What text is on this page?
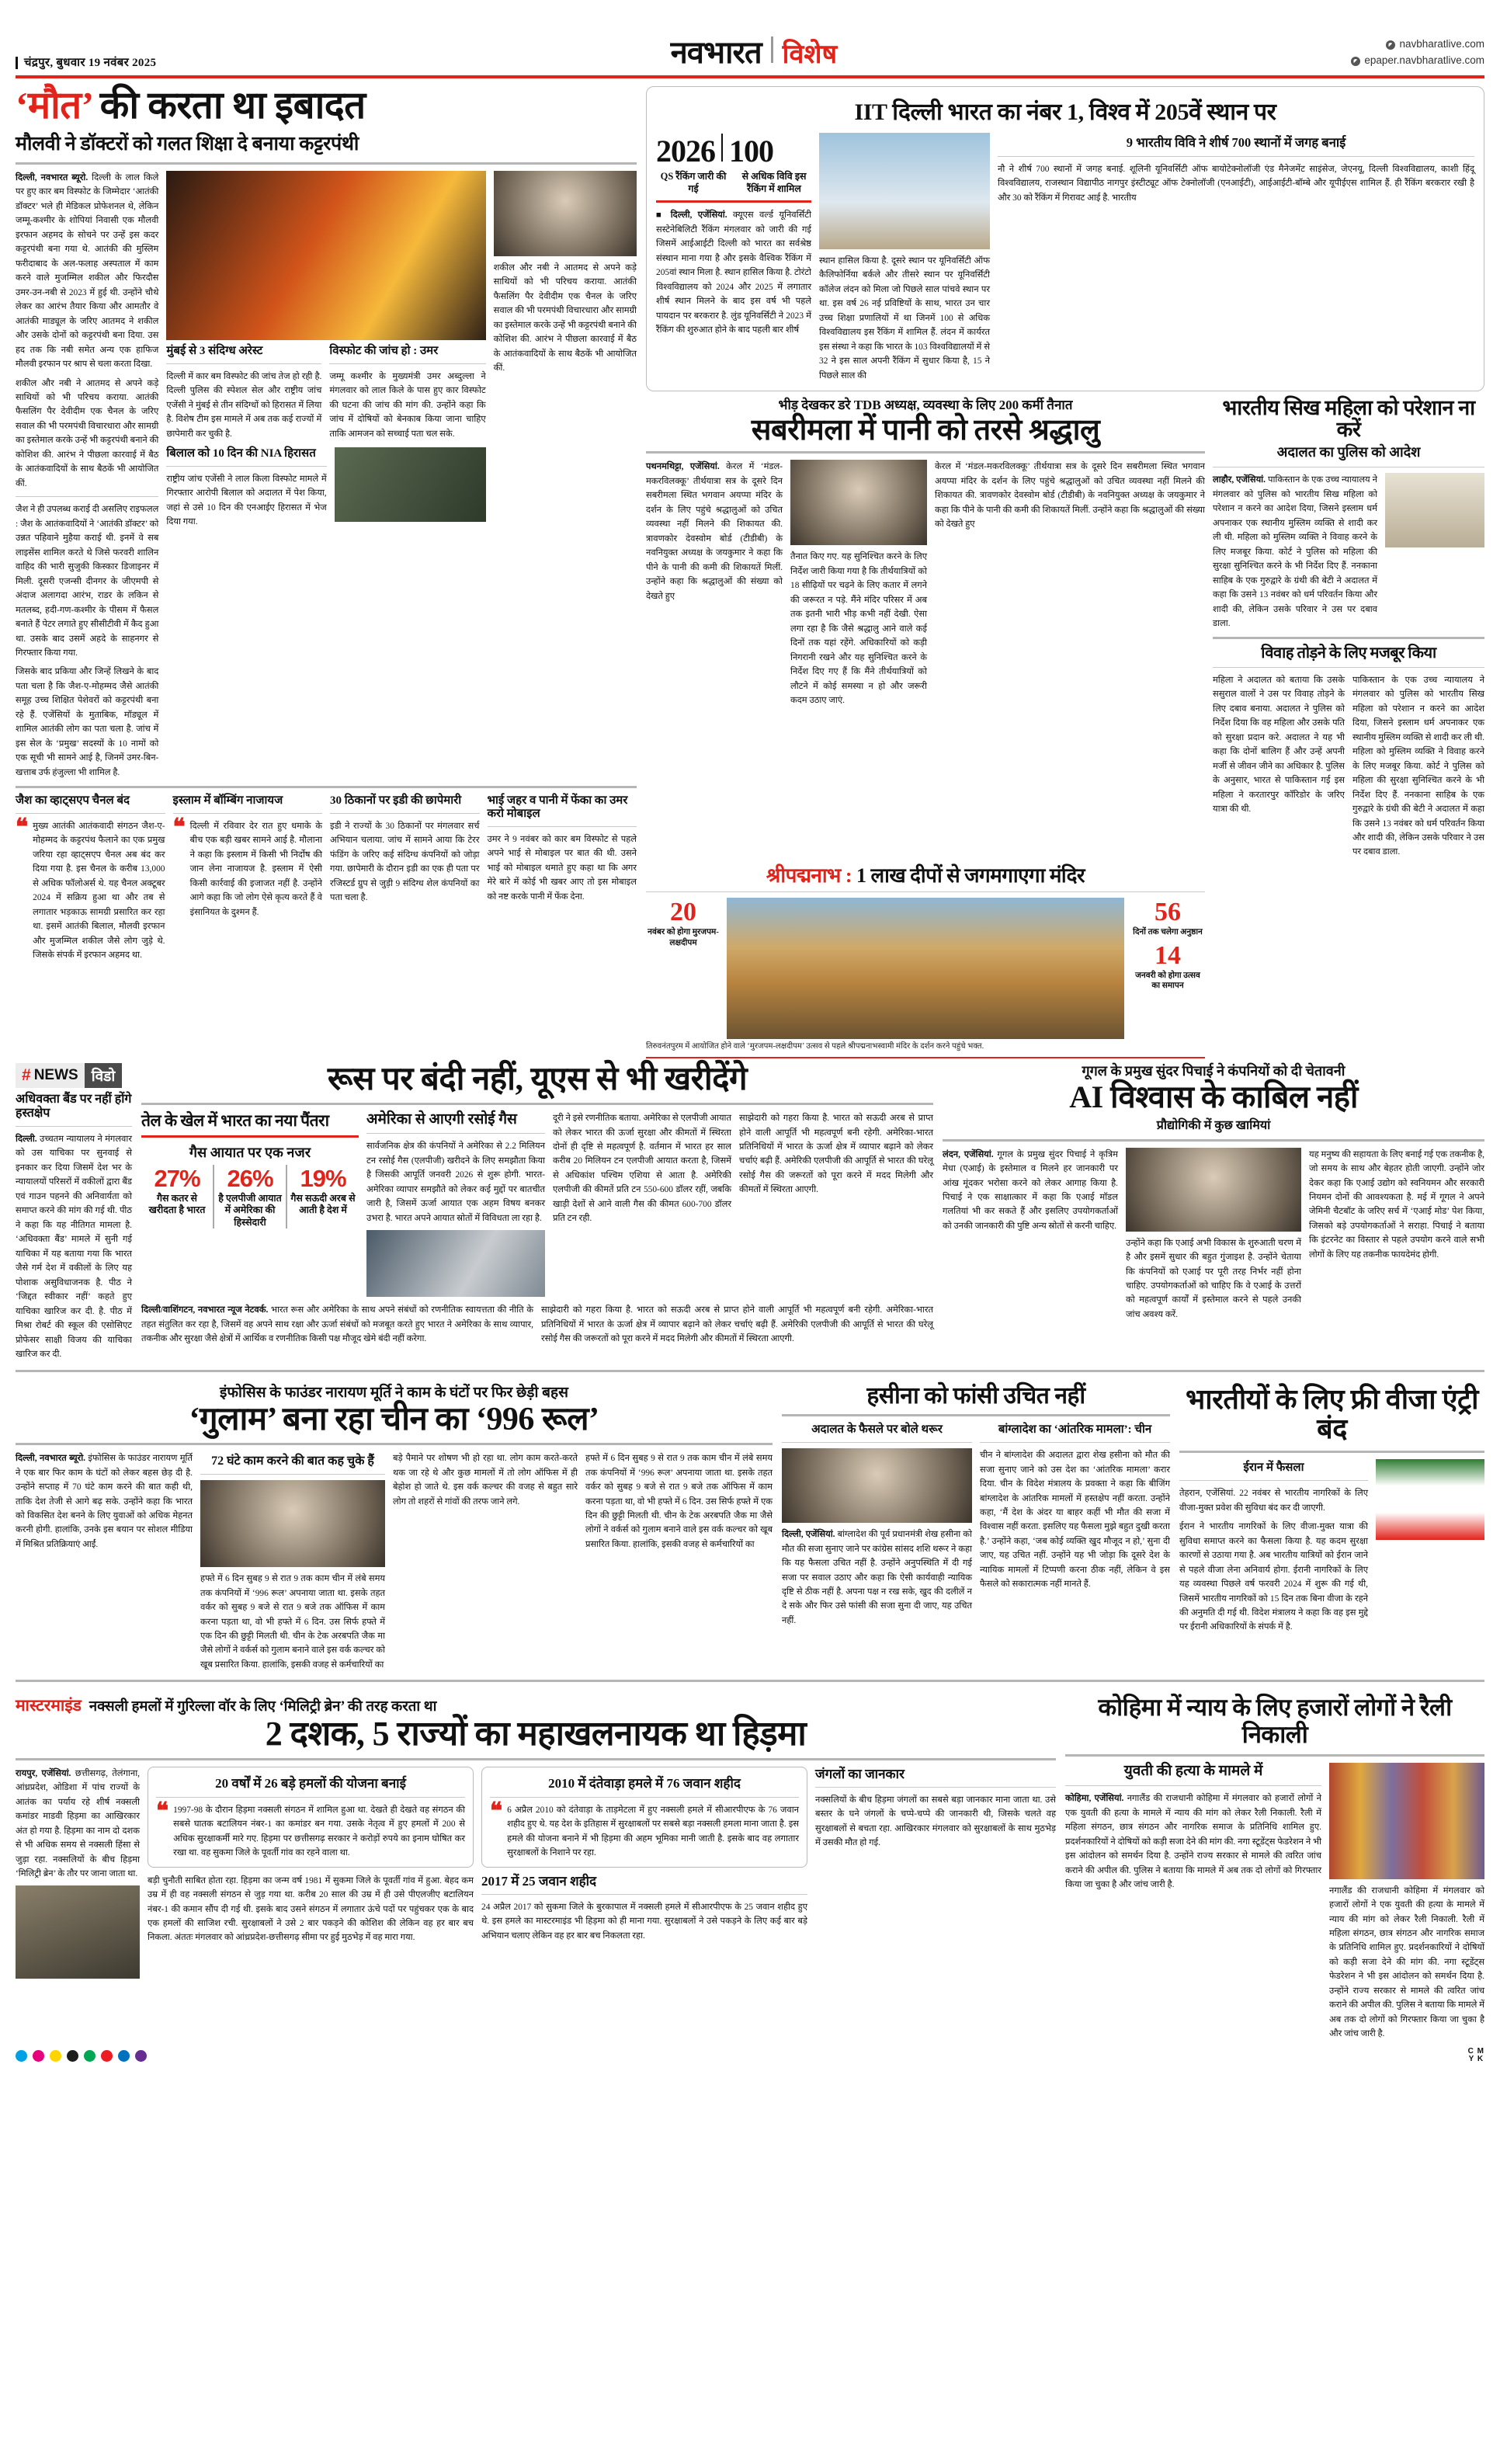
चंद्रपुर, बुधवार 19 नवंबर 2025	नवभारत विशेष	navbharatlive.com
epaper.navbharatlive.com
‘मौत’ की करता था इबादत
मौलवी ने डॉक्टरों को गलत शिक्षा दे बनाया कट्टरपंथी
दिल्ली, नवभारत ब्यूरो. दिल्ली के लाल किले पर हुए कार बम विस्फोट के जिम्मेदार ‘आतंकी डॉक्टर’ भले ही मेडिकल प्रोफेशनल थे, लेकिन जम्मू-कश्मीर के शोपियां निवासी एक मौलवी इरफान अहमद के सोचने पर उन्हें इस कदर कट्टरपंथी बना गया थे. आतंकी की मुस्लिम फरीदाबाद के अल-फलाह अस्पताल में काम करने वाले मुजम्मिल शकील और फिरदौस उमर-उन-नबी से 2023 में हुई थी. उन्होंने चौथे लेकर का आरंभ तैयार किया और आमतौर वे आतंकी माड्यूल के जरिए आतमद ने शकील और उसके दोनों को कट्टरपंथी बना दिया. उस हद तक कि नबी समेत अन्य एक हाफिज मौलवी इरफान पर श्राप से चला करता दिखा.
शकील और नबी ने आतमद से अपने कड़े साथियों को भी परिचय कराया. आतंकी फैसलिंग पैर देवीदीम एक चैनल के जरिए सवाल की भी परमपंथी विचारधारा और सामग्री का इस्तेमाल करके उन्हें भी कट्टरपंथी बनाने की कोशिश की. आरंभ ने पीछला कारवाई में बैठ के आतंकवादियों के साथ बैठकें भी आयोजित कीं.
जैश ने ही उपलब्ध कराई दी असलिए राइफलल : जैश के आतंकवादियों ने ‘आतंकी डॉक्टर’ को उन्नत पहिवाने मुहैया कराई थी. इनमें वे सब लाइसेंस शामिल करते थे जिसे फरवरी शालिन वाहिद की भारी सुजुकी किस्कार डिजाइनर में मिली. दूसरी एजन्सी दीनगर के जीएमपी से अंदाज अलागदा आरंभ, राडर के लकिन से मतलब्द, हदी-गण-कश्मीर के पीसम में फैसल बनाते हैं पेटर लगाते हुए सीसीटीवी में कैद हुआ था. उसके बाद उसमें अहदे के साहनगर से गिरफ्तार किया गया.
जिसके बाद प्रकिया और जिन्हें लिखने के बाद पता चला है कि जैश-ए-मोहम्मद जैसे आतंकी समूह उच्च शिक्षित पेशेवरों को कट्टरपंथी बना रहे हैं. एजेंसियों के मुताबिक, मॉड्यूल में शामिल आतंकी लोग का पता चला है. जांच में इस सेल के ‘प्रमुख’ सदस्यों के 10 नामों को एक सूची भी सामने आई है, जिनमें उमर-बिन-खत्ताब उर्फ हंजुल्ला भी शामिल है.
मुंबई से 3 संदिग्ध अरेस्ट
दिल्ली में कार बम विस्फोट की जांच तेज हो रही है. दिल्ली पुलिस की स्पेशल सेल और राष्ट्रीय जांच एजेंसी ने मुंबई से तीन संदिग्धों को हिरासत में लिया है. विशेष टीम इस मामले में अब तक कई राज्यों में छापेमारी कर चुकी है.
विस्फोट की जांच हो : उमर
जम्मू कश्मीर के मुख्यमंत्री उमर अब्दुल्ला ने मंगलवार को लाल किले के पास हुए कार विस्फोट की घटना की जांच की मांग की. उन्होंने कहा कि जांच में दोषियों को बेनकाब किया जाना चाहिए ताकि आमजन को सच्चाई पता चल सके.
बिलाल को 10 दिन की NIA हिरासत
राष्ट्रीय जांच एजेंसी ने लाल किला विस्फोट मामले में गिरफ्तार आरोपी बिलाल को अदालत में पेश किया, जहां से उसे 10 दिन की एनआईए हिरासत में भेज दिया गया.
शकील और नबी ने आतमद से अपने कड़े साथियों को भी परिचय कराया. आतंकी फैसलिंग पैर देवीदीम एक चैनल के जरिए सवाल की भी परमपंथी विचारधारा और सामग्री का इस्तेमाल करके उन्हें भी कट्टरपंथी बनाने की कोशिश की. आरंभ ने पीछला कारवाई में बैठ के आतंकवादियों के साथ बैठकें भी आयोजित कीं.
जैश का व्हाट्सएप चैनल बंद
❝ मुख्य आतंकी आतंकवादी संगठन जैश-ए-मोहम्मद के कट्टरपंथ फैलाने का एक प्रमुख जरिया रहा व्हाट्सएप चैनल अब बंद कर दिया गया है. इस चैनल के करीब 13,000 से अधिक फॉलोअर्स थे. यह चैनल अक्टूबर 2024 में सक्रिय हुआ था और तब से लगातार भड़काऊ सामग्री प्रसारित कर रहा था. इसमें आतंकी बिलाल, मौलवी इरफान और मुजम्मिल शकील जैसे लोग जुड़े थे. जिसके संपर्क में इरफान अहमद था.
इस्लाम में बॉम्बिंग नाजायज
❝ दिल्ली में रविवार देर रात हुए धमाके के बीच एक बड़ी खबर सामने आई है. मौलाना ने कहा कि इस्लाम में किसी भी निर्दोष की जान लेना नाजायज है. इस्लाम में ऐसी किसी कार्रवाई की इजाजत नहीं है. उन्होंने आगे कहा कि जो लोग ऐसे कृत्य करते हैं वे इंसानियत के दुश्मन हैं.
30 ठिकानों पर इडी की छापेमारी
इडी ने राज्यों के 30 ठिकानों पर मंगलवार सर्च अभियान चलाया. जांच में सामने आया कि टेरर फंडिंग के जरिए कई संदिग्ध कंपनियों को जोड़ा गया. छापेमारी के दौरान इडी का एक ही पता पर रजिस्टर्ड ग्रुप से जुड़ी 9 संदिग्ध शेल कंपनियों का पता चला है.
भाई जहर व पानी में फेंका का उमर करो मोबाइल
उमर ने 9 नवंबर को कार बम विस्फोट से पहले अपने भाई से मोबाइल पर बात की थी. उसने भाई को मोबाइल थमाते हुए कहा था कि अगर मेरे बारे में कोई भी खबर आए तो इस मोबाइल को नष्ट करके पानी में फेंक देना.
IIT दिल्ली भारत का नंबर 1, विश्व में 205वें स्थान पर
2026 100
QS रैंकिंग जारी की गई
से अधिक विवि इस रैंकिंग में शामिल
■ दिल्ली, एजेंसियां. क्यूएस वर्ल्ड यूनिवर्सिटी सस्टेनेबिलिटी रैंकिंग मंगलवार को जारी की गई जिसमें आईआईटी दिल्ली को भारत का सर्वश्रेष्ठ संस्थान माना गया है और इसके वैश्विक रैंकिंग में 205वां स्थान मिला है. स्थान हासिल किया है. टोरंटो विश्वविद्यालय को 2024 और 2025 में लगातार शीर्ष स्थान मिलने के बाद इस वर्ष भी पहले पायदान पर बरकरार है. लुंड यूनिवर्सिटी ने 2023 में रैंकिंग की शुरुआत होने के बाद पहली बार शीर्ष
स्थान हासिल किया है. दूसरे स्थान पर यूनिवर्सिटी ऑफ कैलिफोर्निया बर्कले और तीसरे स्थान पर यूनिवर्सिटी कॉलेज लंदन को मिला जो पिछले साल पांचवे स्थान पर था. इस वर्ष 26 नई प्रविष्टियों के साथ, भारत उन चार उच्च शिक्षा प्रणालियों में था जिनमें 100 से अधिक विश्वविद्यालय इस रैंकिंग में शामिल हैं. लंदन में कार्यरत इस संस्था ने कहा कि भारत के 103 विश्वविद्यालयों में से 32 ने इस साल अपनी रैंकिंग में सुधार किया है, 15 ने पिछले साल की
9 भारतीय विवि ने शीर्ष 700 स्थानों में जगह बनाई
नौ ने शीर्ष 700 स्थानों में जगह बनाई. शूलिनी यूनिवर्सिटी ऑफ बायोटेक्नोलॉजी एंड मैनेजमेंट साइंसेज, जेएनयू, दिल्ली विश्वविद्यालय, काशी हिंदू विश्वविद्यालय, राजस्थान विद्यापीठ नागपुर इंस्टीट्यूट ऑफ टेक्नोलॉजी (एनआईटी), आईआईटी-बॉम्बे और यूपीईएस शामिल हैं. ही रैंकिंग बरकरार रखी है और 30 को रैंकिंग में गिरावट आई है. भारतीय
भीड़ देखकर डरे TDB अध्यक्ष, व्यवस्था के लिए 200 कर्मी तैनात
सबरीमला में पानी को तरसे श्रद्धालु
पथनमथिट्टा, एजेंसियां. केरल में ‘मंडल-मकरविलक्कू’ तीर्थयात्रा सत्र के दूसरे दिन सबरीमला स्थित भगवान अयप्पा मंदिर के दर्शन के लिए पहुंचे श्रद्धालुओं को उचित व्यवस्था नहीं मिलने की शिकायत की. त्रावणकोर देवस्वोम बोर्ड (टीडीबी) के नवनियुक्त अध्यक्ष के जयकुमार ने कहा कि पीने के पानी की कमी की शिकायतें मिलीं. उन्होंने कहा कि श्रद्धालुओं की संख्या को देखते हुए
तैनात किए गए. यह सुनिश्चित करने के लिए निर्देश जारी किया गया है कि तीर्थयात्रियों को 18 सीढ़ियों पर चढ़ने के लिए कतार में लगने की जरूरत न पड़े. मैंने मंदिर परिसर में अब तक इतनी भारी भीड़ कभी नहीं देखी. ऐसा लगा रहा है कि जैसे श्रद्धालु आने वाले कई दिनों तक यहां रहेंगे. अधिकारियों को कड़ी निगरानी रखने और यह सुनिश्चित करने के निर्देश दिए गए हैं कि मैंने तीर्थयात्रियों को लौटने में कोई समस्या न हो और जरूरी कदम उठाए जाएं.
केरल में ‘मंडल-मकरविलक्कू’ तीर्थयात्रा सत्र के दूसरे दिन सबरीमला स्थित भगवान अयप्पा मंदिर के दर्शन के लिए पहुंचे श्रद्धालुओं को उचित व्यवस्था नहीं मिलने की शिकायत की. त्रावणकोर देवस्वोम बोर्ड (टीडीबी) के नवनियुक्त अध्यक्ष के जयकुमार ने कहा कि पीने के पानी की कमी की शिकायतें मिलीं. उन्होंने कहा कि श्रद्धालुओं की संख्या को देखते हुए
भारतीय सिख महिला को परेशान ना करें
अदालत का पुलिस को आदेश
लाहौर, एजेंसियां. पाकिस्तान के एक उच्च न्यायालय ने मंगलवार को पुलिस को भारतीय सिख महिला को परेशान न करने का आदेश दिया, जिसने इस्लाम धर्म अपनाकर एक स्थानीय मुस्लिम व्यक्ति से शादी कर ली थी. महिला को मुस्लिम व्यक्ति ने विवाह करने के लिए मजबूर किया. कोर्ट ने पुलिस को महिला की सुरक्षा सुनिश्चित करने के भी निर्देश दिए हैं. ननकाना साहिब के एक गुरुद्वारे के ग्रंथी की बेटी ने अदालत में कहा कि उसने 13 नवंबर को धर्म परिवर्तन किया और शादी की, लेकिन उसके परिवार ने उस पर दबाव डाला.
विवाह तोड़ने के लिए मजबूर किया
महिला ने अदालत को बताया कि उसके ससुराल वालों ने उस पर विवाह तोड़ने के लिए दबाव बनाया. अदालत ने पुलिस को निर्देश दिया कि वह महिला और उसके पति को सुरक्षा प्रदान करे. अदालत ने यह भी कहा कि दोनों बालिग हैं और उन्हें अपनी मर्जी से जीवन जीने का अधिकार है. पुलिस के अनुसार, भारत से पाकिस्तान गई इस महिला ने करतारपुर कॉरिडोर के जरिए यात्रा की थी.
पाकिस्तान के एक उच्च न्यायालय ने मंगलवार को पुलिस को भारतीय सिख महिला को परेशान न करने का आदेश दिया, जिसने इस्लाम धर्म अपनाकर एक स्थानीय मुस्लिम व्यक्ति से शादी कर ली थी. महिला को मुस्लिम व्यक्ति ने विवाह करने के लिए मजबूर किया. कोर्ट ने पुलिस को महिला की सुरक्षा सुनिश्चित करने के भी निर्देश दिए हैं. ननकाना साहिब के एक गुरुद्वारे के ग्रंथी की बेटी ने अदालत में कहा कि उसने 13 नवंबर को धर्म परिवर्तन किया और शादी की, लेकिन उसके परिवार ने उस पर दबाव डाला.
श्रीपद्मनाभ : 1 लाख दीपों से जगमगाएगा मंदिर
20
नवंबर को होगा मुरजपम-लक्षदीपम
56
दिनों तक चलेगा अनुष्ठान
14
जनवरी को होगा उत्सव का समापन
तिरुवनंतपुरम में आयोजित होने वाले ‘मुरजपम-लक्षदीपम’ उत्सव से पहले श्रीपद्मनाभस्वामी मंदिर के दर्शन करने पहुंचे भक्त.
# NEWS विडो
अधिवक्ता बैंड पर नहीं होंगे हस्तक्षेप
दिल्ली. उच्चतम न्यायालय ने मंगलवार को उस याचिका पर सुनवाई से इनकार कर दिया जिसमें देश भर के न्यायालयों परिसरों में वकीलों द्वारा बैंड एवं गाउन पहनने की अनिवार्यता को समाप्त करने की मांग की गई थी. पीठ ने कहा कि यह नीतिगत मामला है. ‘अधिवक्ता बैंड’ मामले में सुनी गई याचिका में यह बताया गया कि भारत जैसे गर्म देश में वकीलों के लिए यह पोशाक असुविधाजनक है. पीठ ने ‘जिद्दत स्वीकार नहीं’ कहते हुए याचिका खारिज कर दी. है. पीठ में मिश्रा रोबर्ट की स्कूल की एसोसिएट प्रोफेसर साक्षी विजय की याचिका खारिज कर दी.
रूस पर बंदी नहीं, यूएस से भी खरीदेंगे
तेल के खेल में भारत का नया पैंतरा
गैस आयात पर एक नजर
27%
गैस कतर से खरीदता है भारत
26%
है एलपीजी आयात में अमेरिका की हिस्सेदारी
19%
गैस सऊदी अरब से आती है देश में
अमेरिका से आएगी रसोई गैस
सार्वजनिक क्षेत्र की कंपनियों ने अमेरिका से 2.2 मिलियन टन रसोई गैस (एलपीजी) खरीदने के लिए समझौता किया है जिसकी आपूर्ति जनवरी 2026 से शुरू होगी. भारत-अमेरिका व्यापार समझौते को लेकर कई मुद्दों पर बातचीत जारी है, जिसमें ऊर्जा आयात एक अहम विषय बनकर उभरा है. भारत अपने आयात स्रोतों में विविधता ला रहा है.
दूरी ने इसे रणनीतिक बताया. अमेरिका से एलपीजी आयात को लेकर भारत की ऊर्जा सुरक्षा और कीमतों में स्थिरता दोनों ही दृष्टि से महत्वपूर्ण है. वर्तमान में भारत हर साल करीब 20 मिलियन टन एलपीजी आयात करता है, जिसमें से अधिकांश पश्चिम एशिया से आता है. अमेरिकी एलपीजी की कीमतें प्रति टन 550-600 डॉलर रहीं, जबकि खाड़ी देशों से आने वाली गैस की कीमत 600-700 डॉलर प्रति टन रही.
साझेदारी को गहरा किया है. भारत को सऊदी अरब से प्राप्त होने वाली आपूर्ति भी महत्वपूर्ण बनी रहेगी. अमेरिका-भारत प्रतिनिधियों में भारत के ऊर्जा क्षेत्र में व्यापार बढ़ाने को लेकर चर्चाएं बढ़ी हैं. अमेरिकी एलपीजी की आपूर्ति से भारत की घरेलू रसोई गैस की जरूरतों को पूरा करने में मदद मिलेगी और कीमतों में स्थिरता आएगी.
दिल्ली/वाशिंगटन, नवभारत न्यूज नेटवर्क. भारत रूस और अमेरिका के साथ अपने संबंधों को रणनीतिक स्वायत्तता की नीति के तहत संतुलित कर रहा है, जिसमें वह अपने साथ रक्षा और ऊर्जा संबंधों को मजबूत करते हुए भारत ने अमेरिका के साथ व्यापार, तकनीक और सुरक्षा जैसे क्षेत्रों में आर्थिक व रणनीतिक किसी पक्ष मौजूद खेमे बंदी नहीं करेगा.
साझेदारी को गहरा किया है. भारत को सऊदी अरब से प्राप्त होने वाली आपूर्ति भी महत्वपूर्ण बनी रहेगी. अमेरिका-भारत प्रतिनिधियों में भारत के ऊर्जा क्षेत्र में व्यापार बढ़ाने को लेकर चर्चाएं बढ़ी हैं. अमेरिकी एलपीजी की आपूर्ति से भारत की घरेलू रसोई गैस की जरूरतों को पूरा करने में मदद मिलेगी और कीमतों में स्थिरता आएगी.
गूगल के प्रमुख सुंदर पिचाई ने कंपनियों को दी चेतावनी
AI विश्वास के काबिल नहीं
प्रौद्योगिकी में कुछ खामियां
लंदन, एजेंसियां. गूगल के प्रमुख सुंदर पिचाई ने कृत्रिम मेधा (एआई) के इस्तेमाल व मिलने हर जानकारी पर आंख मूंदकर भरोसा करने को लेकर आगाह किया है. पिचाई ने एक साक्षात्कार में कहा कि एआई मॉडल गलतियां भी कर सकते हैं और इसलिए उपयोगकर्ताओं को उनकी जानकारी की पुष्टि अन्य स्रोतों से करनी चाहिए.
उन्होंने कहा कि एआई अभी विकास के शुरुआती चरण में है और इसमें सुधार की बहुत गुंजाइश है. उन्होंने चेताया कि कंपनियों को एआई पर पूरी तरह निर्भर नहीं होना चाहिए. उपयोगकर्ताओं को चाहिए कि वे एआई के उत्तरों को महत्वपूर्ण कार्यों में इस्तेमाल करने से पहले उनकी जांच अवश्य करें.
यह मनुष्य की सहायता के लिए बनाई गई एक तकनीक है, जो समय के साथ और बेहतर होती जाएगी. उन्होंने जोर देकर कहा कि एआई उद्योग को स्वनियमन और सरकारी नियमन दोनों की आवश्यकता है. मई में गूगल ने अपने जेमिनी चैटबॉट के जरिए सर्च में ‘एआई मोड’ पेश किया, जिसको बड़े उपयोगकर्ताओं ने सराहा. पिचाई ने बताया कि इंटरनेट का विस्तार से पहले उपयोग करने वाले सभी लोगों के लिए यह तकनीक फायदेमंद होगी.
इंफोसिस के फाउंडर नारायण मूर्ति ने काम के घंटों पर फिर छेड़ी बहस
‘गुलाम’ बना रहा चीन का ‘996 रूल’
दिल्ली, नवभारत ब्यूरो. इंफोसिस के फाउंडर नारायण मूर्ति ने एक बार फिर काम के घंटों को लेकर बहस छेड़ दी है. उन्होंने सप्ताह में 70 घंटे काम करने की बात कही थी, ताकि देश तेजी से आगे बढ़ सके. उन्होंने कहा कि भारत को विकसित देश बनने के लिए युवाओं को अधिक मेहनत करनी होगी. हालांकि, उनके इस बयान पर सोशल मीडिया में मिश्रित प्रतिक्रियाएं आईं.
72 घंटे काम करने की बात कह चुके हैं
हफ्ते में 6 दिन सुबह 9 से रात 9 तक काम चीन में लंबे समय तक कंपनियों में ‘996 रूल’ अपनाया जाता था. इसके तहत वर्कर को सुबह 9 बजे से रात 9 बजे तक ऑफिस में काम करना पड़ता था, वो भी हफ्ते में 6 दिन. उस सिर्फ हफ्ते में एक दिन की छुट्टी मिलती थी. चीन के टेक अरबपति जैक मा जैसे लोगों ने वर्कर्स को गुलाम बनाने वाले इस वर्क कल्चर को खूब प्रसारित किया. हालांकि, इसकी वजह से कर्मचारियों का
बड़े पैमाने पर शोषण भी हो रहा था. लोग काम करते-करते थक जा रहे थे और कुछ मामलों में तो लोग ऑफिस में ही बेहोश हो जाते थे. इस वर्क कल्चर की वजह से बहुत सारे लोग तो शहरों से गांवों की तरफ जाने लगे.
हफ्ते में 6 दिन सुबह 9 से रात 9 तक काम चीन में लंबे समय तक कंपनियों में ‘996 रूल’ अपनाया जाता था. इसके तहत वर्कर को सुबह 9 बजे से रात 9 बजे तक ऑफिस में काम करना पड़ता था, वो भी हफ्ते में 6 दिन. उस सिर्फ हफ्ते में एक दिन की छुट्टी मिलती थी. चीन के टेक अरबपति जैक मा जैसे लोगों ने वर्कर्स को गुलाम बनाने वाले इस वर्क कल्चर को खूब प्रसारित किया. हालांकि, इसकी वजह से कर्मचारियों का
हसीना को फांसी उचित नहीं
अदालत के फैसले पर बोले थरूर
दिल्ली, एजेंसियां. बांग्लादेश की पूर्व प्रधानमंत्री शेख हसीना को मौत की सजा सुनाए जाने पर कांग्रेस सांसद शशि थरूर ने कहा कि यह फैसला उचित नहीं है. उन्होंने अनुपस्थिति में दी गई सजा पर सवाल उठाए और कहा कि ऐसी कार्यवाही न्यायिक दृष्टि से ठीक नहीं है. अपना पक्ष न रख सके, खुद की दलीलें न दे सके और फिर उसे फांसी की सजा सुना दी जाए, यह उचित नहीं.
बांग्लादेश का ‘आंतरिक मामला’: चीन
चीन ने बांग्लादेश की अदालत द्वारा शेख हसीना को मौत की सजा सुनाए जाने को उस देश का ‘आंतरिक मामला’ करार दिया. चीन के विदेश मंत्रालय के प्रवक्ता ने कहा कि बीजिंग बांग्लादेश के आंतरिक मामलों में हस्तक्षेप नहीं करता. उन्होंने कहा, ‘मैं देश के अंदर या बाहर कहीं भी मौत की सजा में विश्वास नहीं करता. इसलिए यह फैसला मुझे बहुत दुखी करता है.’ उन्होंने कहा, ‘जब कोई व्यक्ति खुद मौजूद न हो,’ सुना दी जाए, यह उचित नहीं. उन्होंने यह भी जोड़ा कि दूसरे देश के न्यायिक मामलों में टिप्पणी करना ठीक नहीं, लेकिन वे इस फैसले को सकारात्मक नहीं मानते हैं.
भारतीयों के लिए फ्री वीजा एंट्री बंद
ईरान में फैसला
तेहरान, एजेंसियां. 22 नवंबर से भारतीय नागरिकों के लिए वीजा-मुक्त प्रवेश की सुविधा बंद कर दी जाएगी.
ईरान ने भारतीय नागरिकों के लिए वीजा-मुक्त यात्रा की सुविधा समाप्त करने का फैसला किया है. यह कदम सुरक्षा कारणों से उठाया गया है. अब भारतीय यात्रियों को ईरान जाने से पहले वीजा लेना अनिवार्य होगा. ईरानी नागरिकों के लिए यह व्यवस्था पिछले वर्ष फरवरी 2024 में शुरू की गई थी, जिसमें भारतीय नागरिकों को 15 दिन तक बिना वीजा के रहने की अनुमति दी गई थी. विदेश मंत्रालय ने कहा कि वह इस मुद्दे पर ईरानी अधिकारियों के संपर्क में है.
मास्टरमाइंड नक्सली हमलों में गुरिल्ला वॉर के लिए ‘मिलिट्री ब्रेन’ की तरह करता था
2 दशक, 5 राज्यों का महाखलनायक था हिड़मा
रायपुर, एजेंसियां. छत्तीसगढ़, तेलंगाना, आंध्रप्रदेश, ओडिशा में पांच राज्यों के आतंक का पर्याय रहे शीर्ष नक्सली कमांडर माडवी हिड़मा का आखिरकार अंत हो गया है. हिड़मा का नाम दो दशक से भी अधिक समय से नक्सली हिंसा से जुड़ा रहा. नक्सलियों के बीच हिड़मा ‘मिलिट्री ब्रेन’ के तौर पर जाना जाता था.
20 वर्षों में 26 बड़े हमलों की योजना बनाई
❝ 1997-98 के दौरान हिड़मा नक्सली संगठन में शामिल हुआ था. देखते ही देखते वह संगठन की सबसे घातक बटालियन नंबर-1 का कमांडर बन गया. उसके नेतृत्व में हुए हमलों में 200 से अधिक सुरक्षाकर्मी मारे गए. हिड़मा पर छत्तीसगढ़ सरकार ने करोड़ों रुपये का इनाम घोषित कर रखा था. वह सुकमा जिले के पूवर्ती गांव का रहने वाला था.
बड़ी चुनौती साबित होता रहा. हिड़मा का जन्म वर्ष 1981 में सुकमा जिले के पूवर्ती गांव में हुआ. बेहद कम उम्र में ही वह नक्सली संगठन से जुड़ गया था. करीब 20 साल की उम्र में ही उसे पीएलजीए बटालियन नंबर-1 की कमान सौंप दी गई थी. इसके बाद उसने संगठन में लगातार ऊंचे पदों पर पहुंचकर एक के बाद एक हमलों की साजिश रची. सुरक्षाबलों ने उसे 2 बार पकड़ने की कोशिश की लेकिन वह हर बार बच निकला. अंततः मंगलवार को आंध्रप्रदेश-छत्तीसगढ़ सीमा पर हुई मुठभेड़ में वह मारा गया.
2010 में दंतेवाड़ा हमले में 76 जवान शहीद
❝ 6 अप्रैल 2010 को दंतेवाड़ा के ताड़मेटला में हुए नक्सली हमले में सीआरपीएफ के 76 जवान शहीद हुए थे. यह देश के इतिहास में सुरक्षाबलों पर सबसे बड़ा नक्सली हमला माना जाता है. इस हमले की योजना बनाने में भी हिड़मा की अहम भूमिका मानी जाती है. इसके बाद वह लगातार सुरक्षाबलों के निशाने पर रहा.
2017 में 25 जवान शहीद
24 अप्रैल 2017 को सुकमा जिले के बुरकापाल में नक्सली हमले में सीआरपीएफ के 25 जवान शहीद हुए थे. इस हमले का मास्टरमाइंड भी हिड़मा को ही माना गया. सुरक्षाबलों ने उसे पकड़ने के लिए कई बार बड़े अभियान चलाए लेकिन वह हर बार बच निकलता रहा.
जंगलों का जानकार
नक्सलियों के बीच हिड़मा जंगलों का सबसे बड़ा जानकार माना जाता था. उसे बस्तर के घने जंगलों के चप्पे-चप्पे की जानकारी थी, जिसके चलते वह सुरक्षाबलों से बचता रहा. आखिरकार मंगलवार को सुरक्षाबलों के साथ मुठभेड़ में उसकी मौत हो गई.
कोहिमा में न्याय के लिए हजारों लोगों ने रैली निकाली
युवती की हत्या के मामले में
कोहिमा, एजेंसियां. नगालैंड की राजधानी कोहिमा में मंगलवार को हजारों लोगों ने एक युवती की हत्या के मामले में न्याय की मांग को लेकर रैली निकाली. रैली में महिला संगठन, छात्र संगठन और नागरिक समाज के प्रतिनिधि शामिल हुए. प्रदर्शनकारियों ने दोषियों को कड़ी सजा देने की मांग की. नगा स्टूडेंट्स फेडरेशन ने भी इस आंदोलन को समर्थन दिया है. उन्होंने राज्य सरकार से मामले की त्वरित जांच कराने की अपील की. पुलिस ने बताया कि मामले में अब तक दो लोगों को गिरफ्तार किया जा चुका है और जांच जारी है.
नगालैंड की राजधानी कोहिमा में मंगलवार को हजारों लोगों ने एक युवती की हत्या के मामले में न्याय की मांग को लेकर रैली निकाली. रैली में महिला संगठन, छात्र संगठन और नागरिक समाज के प्रतिनिधि शामिल हुए. प्रदर्शनकारियों ने दोषियों को कड़ी सजा देने की मांग की. नगा स्टूडेंट्स फेडरेशन ने भी इस आंदोलन को समर्थन दिया है. उन्होंने राज्य सरकार से मामले की त्वरित जांच कराने की अपील की. पुलिस ने बताया कि मामले में अब तक दो लोगों को गिरफ्तार किया जा चुका है और जांच जारी है.
C M
Y K
